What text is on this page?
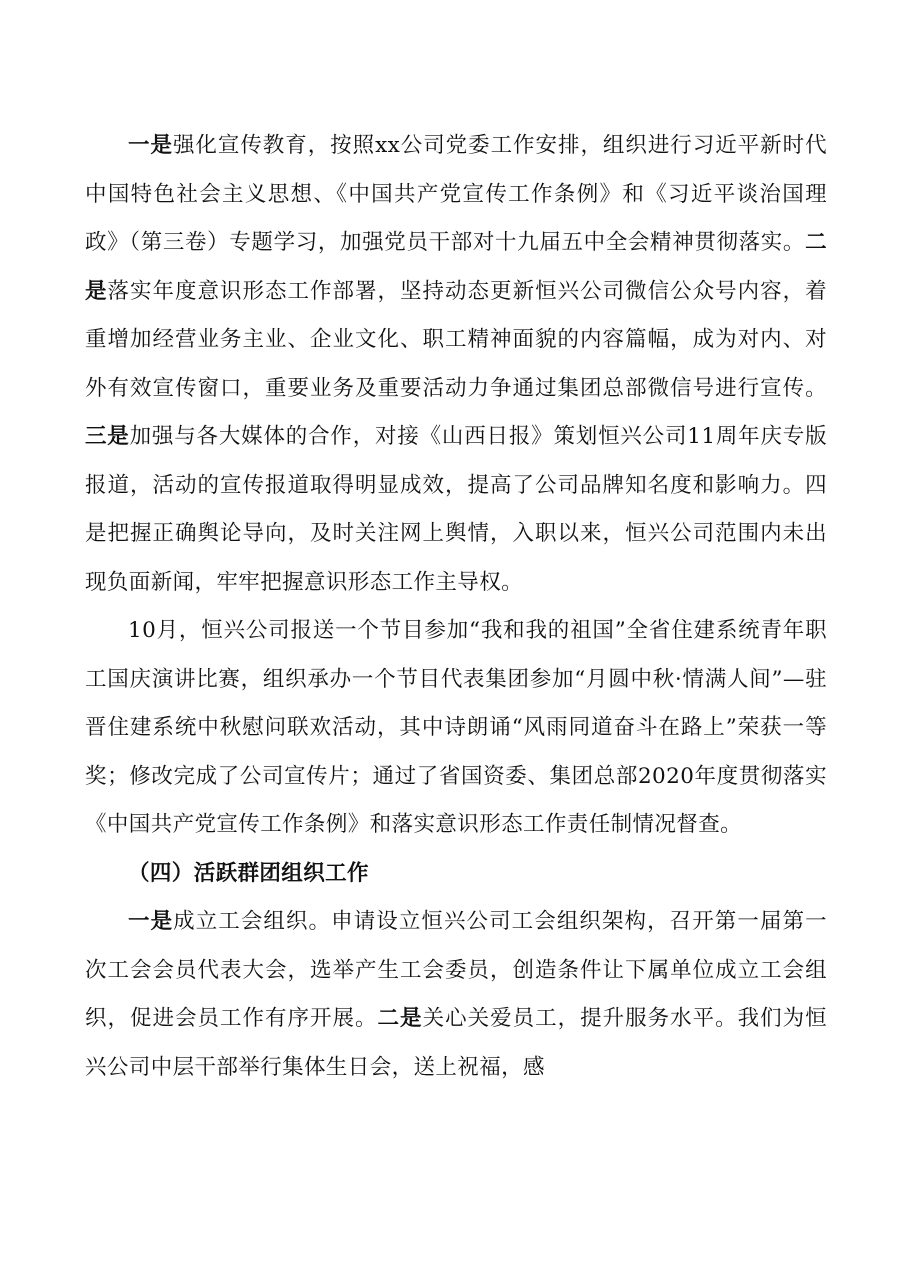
一是强化宣传教育，按照xx公司党委工作安排，组织进行习近平新时代中国特色社会主义思想、《中国共产党宣传工作条例》和《习近平谈治国理政》（第三卷）专题学习，加强党员干部对十九届五中全会精神贯彻落实。二是落实年度意识形态工作部署，坚持动态更新恒兴公司微信公众号内容，着重增加经营业务主业、企业文化、职工精神面貌的内容篇幅，成为对内、对外有效宣传窗口，重要业务及重要活动力争通过集团总部微信号进行宣传。三是加强与各大媒体的合作，对接《山西日报》策划恒兴公司11周年庆专版报道，活动的宣传报道取得明显成效，提高了公司品牌知名度和影响力。四是把握正确舆论导向，及时关注网上舆情，入职以来，恒兴公司范围内未出现负面新闻，牢牢把握意识形态工作主导权。

10月，恒兴公司报送一个节目参加“我和我的祖国”全省住建系统青年职工国庆演讲比赛，组织承办一个节目代表集团参加“月圆中秋·情满人间”—驻晋住建系统中秋慰问联欢活动，其中诗朗诵“风雨同道奋斗在路上”荣获一等奖；修改完成了公司宣传片；通过了省国资委、集团总部2020年度贯彻落实《中国共产党宣传工作条例》和落实意识形态工作责任制情况督查。

（四）活跃群团组织工作

一是成立工会组织。申请设立恒兴公司工会组织架构，召开第一届第一次工会会员代表大会，选举产生工会委员，创造条件让下属单位成立工会组织，促进会员工作有序开展。二是关心关爱员工，提升服务水平。我们为恒兴公司中层干部举行集体生日会，送上祝福，感
